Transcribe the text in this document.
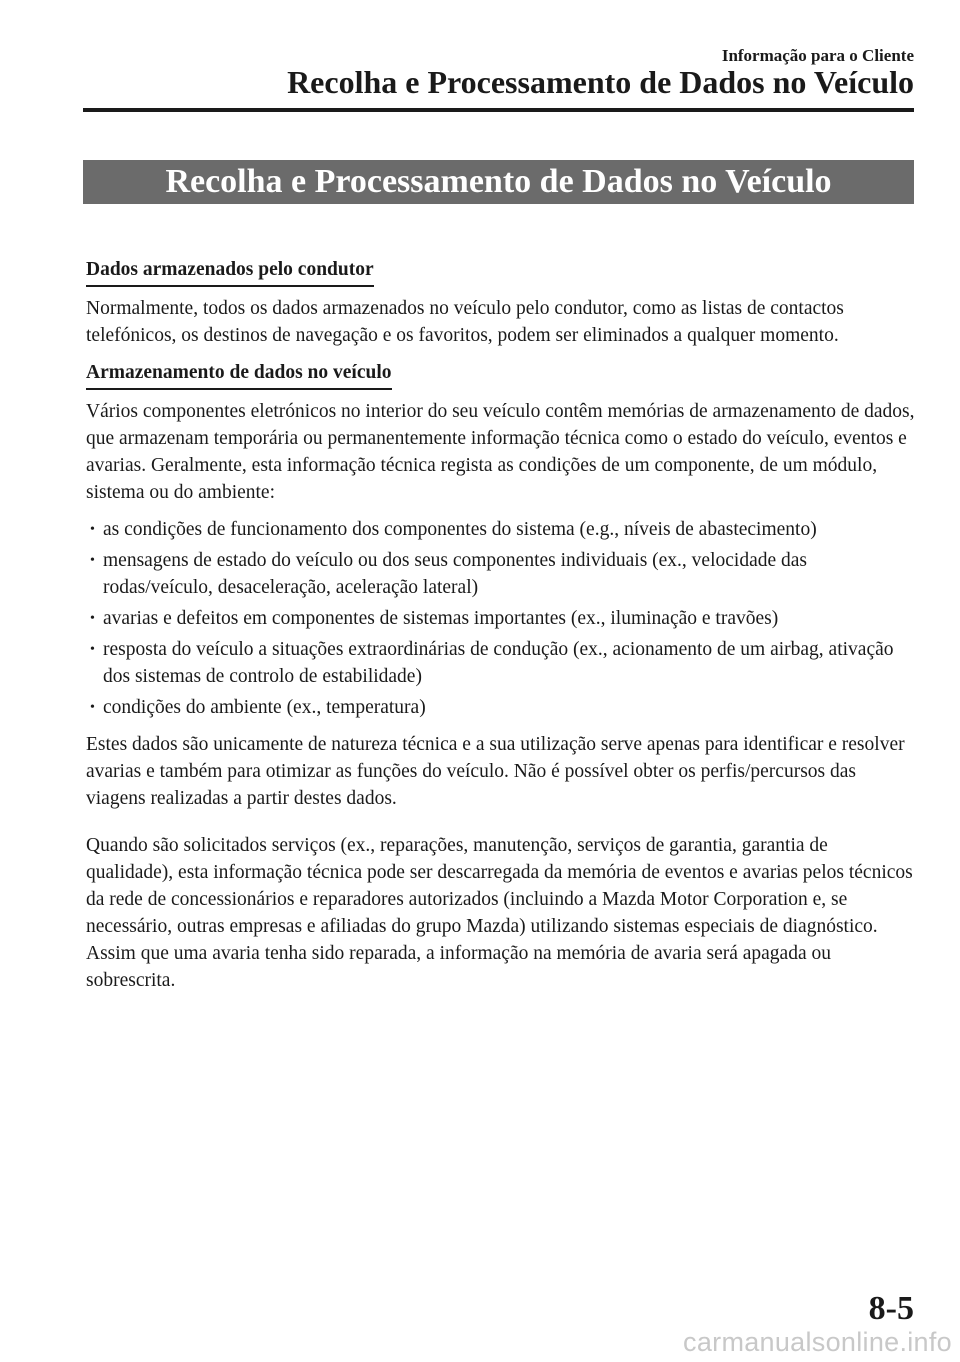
Informação para o Cliente
Recolha e Processamento de Dados no Veículo
Recolha e Processamento de Dados no Veículo
Dados armazenados pelo condutor

Normalmente, todos os dados armazenados no veículo pelo condutor, como as listas de contactos telefónicos, os destinos de navegação e os favoritos, podem ser eliminados a qualquer momento.

Armazenamento de dados no veículo

Vários componentes eletrónicos no interior do seu veículo contêm memórias de armazenamento de dados, que armazenam temporária ou permanentemente informação técnica como o estado do veículo, eventos e avarias. Geralmente, esta informação técnica regista as condições de um componente, de um módulo, sistema ou do ambiente:

• as condições de funcionamento dos componentes do sistema (e.g., níveis de abastecimento)
• mensagens de estado do veículo ou dos seus componentes individuais (ex., velocidade das rodas/veículo, desaceleração, aceleração lateral)
• avarias e defeitos em componentes de sistemas importantes (ex., iluminação e travões)
• resposta do veículo a situações extraordinárias de condução (ex., acionamento de um airbag, ativação dos sistemas de controlo de estabilidade)
• condições do ambiente (ex., temperatura)

Estes dados são unicamente de natureza técnica e a sua utilização serve apenas para identificar e resolver avarias e também para otimizar as funções do veículo. Não é possível obter os perfis/percursos das viagens realizadas a partir destes dados.

Quando são solicitados serviços (ex., reparações, manutenção, serviços de garantia, garantia de qualidade), esta informação técnica pode ser descarregada da memória de eventos e avarias pelos técnicos da rede de concessionários e reparadores autorizados (incluindo a Mazda Motor Corporation e, se necessário, outras empresas e afiliadas do grupo Mazda) utilizando sistemas especiais de diagnóstico. Assim que uma avaria tenha sido reparada, a informação na memória de avaria será apagada ou sobrescrita.

8-5
carmanualsonline.info
